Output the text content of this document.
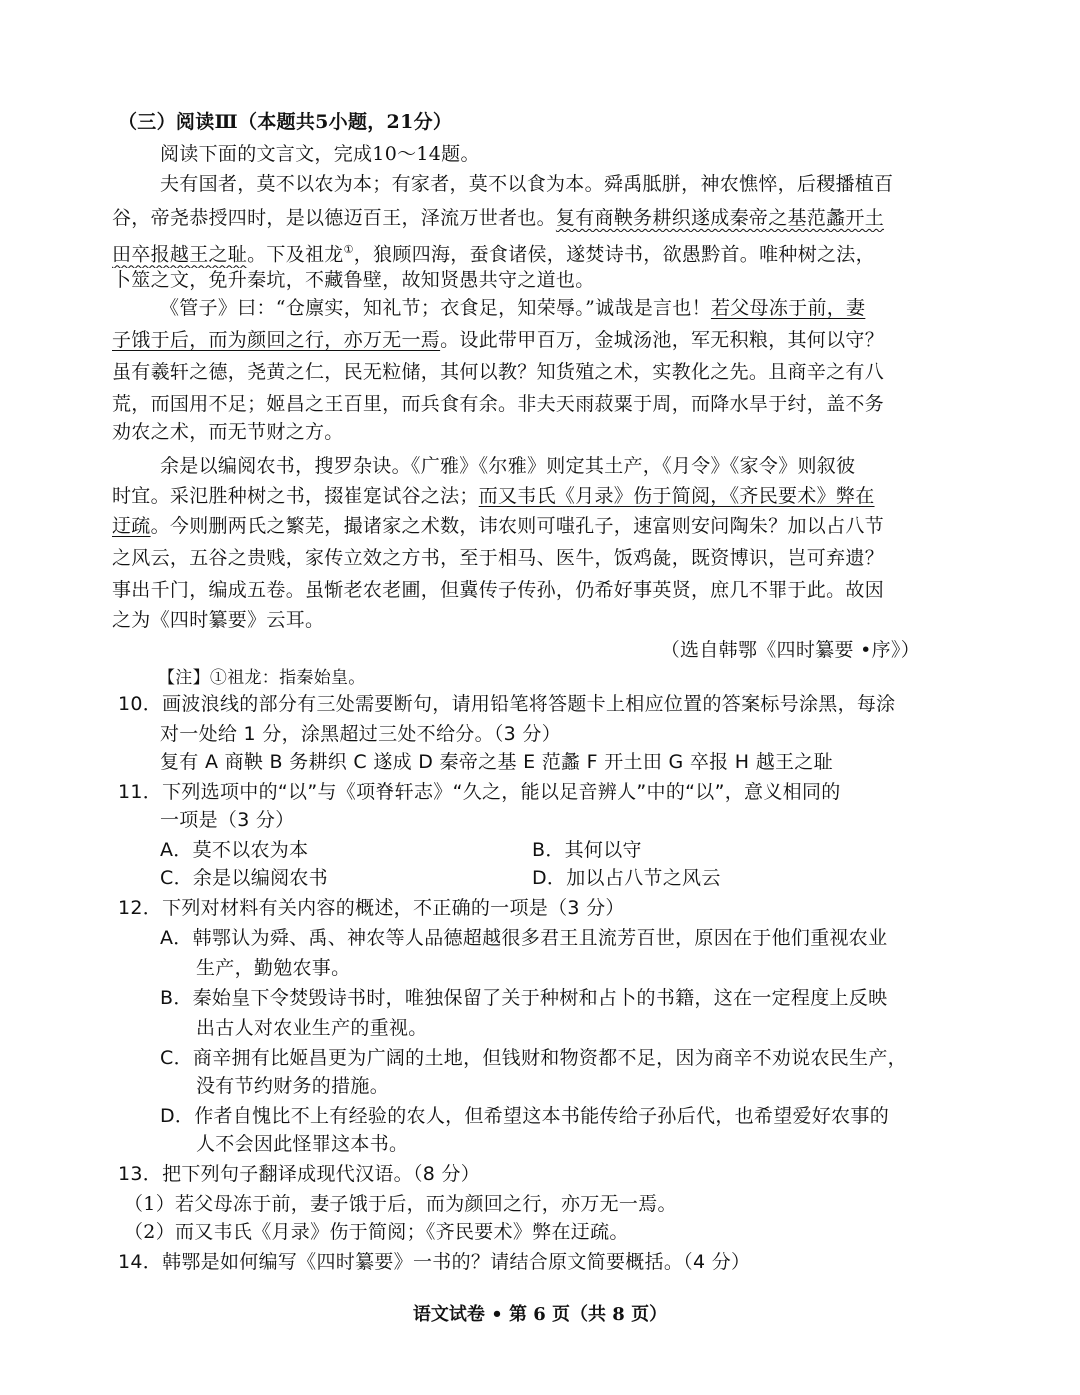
（三）阅读Ⅲ（本题共5小题，21分）
阅读下面的文言文，完成10～14题。
夫有国者，莫不以农为本；有家者，莫不以食为本。舜禹胝胼，神农憔悴，后稷播植百
谷，帝尧恭授四时，是以德迈百王，泽流万世者也。复有商鞅务耕织遂成秦帝之基范蠡开土
田卒报越王之耻。下及祖龙①，狼顾四海，蚕食诸侯，遂焚诗书，欲愚黔首。唯种树之法，
卜筮之文，免升秦坑，不藏鲁壁，故知贤愚共守之道也。
《管子》曰：“仓廪实，知礼节；衣食足，知荣辱。”诚哉是言也！若父母冻于前，妻
子饿于后，而为颜回之行，亦万无一焉。设此带甲百万，金城汤池，军无积粮，其何以守？
虽有羲轩之德，尧黄之仁，民无粒储，其何以教？知货殖之术，实教化之先。且商辛之有八
荒，而国用不足；姬昌之王百里，而兵食有余。非夫天雨菽粟于周，而降水旱于纣，盖不务
劝农之术，而无节财之方。
余是以编阅农书，搜罗杂诀。《广雅》《尔雅》则定其土产，《月令》《家令》则叙彼
时宜。采氾胜种树之书，掇崔寔试谷之法；而又韦氏《月录》伤于简阅，《齐民要术》弊在
迂疏。今则删两氏之繁芜，撮诸家之术数，讳农则可嗤孔子，速富则安问陶朱？加以占八节
之风云，五谷之贵贱，家传立效之方书，至于相马、医牛，饭鸡彘，既资博识，岂可弃遗？
事出千门，编成五卷。虽惭老农老圃，但冀传子传孙，仍希好事英贤，庶几不罪于此。故因
之为《四时纂要》云耳。
（选自韩鄂《四时纂要 •序》）
【注】①祖龙：指秦始皇。
10．画波浪线的部分有三处需要断句，请用铅笔将答题卡上相应位置的答案标号涂黑，每涂
对一处给 1 分，涂黑超过三处不给分。（3 分）
复有 A 商鞅 B 务耕织 C 遂成 D 秦帝之基 E 范蠡 F 开土田 G 卒报 H 越王之耻
11．下列选项中的“以”与《项脊轩志》“久之，能以足音辨人”中的“以”，意义相同的
一项是（3 分）
A．莫不以农为本	B．其何以守
C．余是以编阅农书	D．加以占八节之风云
12．下列对材料有关内容的概述，不正确的一项是（3 分）
A．韩鄂认为舜、禹、神农等人品德超越很多君王且流芳百世，原因在于他们重视农业
生产，勤勉农事。
B．秦始皇下令焚毁诗书时，唯独保留了关于种树和占卜的书籍，这在一定程度上反映
出古人对农业生产的重视。
C．商辛拥有比姬昌更为广阔的土地，但钱财和物资都不足，因为商辛不劝说农民生产，
没有节约财务的措施。
D．作者自愧比不上有经验的农人，但希望这本书能传给子孙后代，也希望爱好农事的
人不会因此怪罪这本书。
13．把下列句子翻译成现代汉语。（8 分）
（1）若父母冻于前，妻子饿于后，而为颜回之行，亦万无一焉。
（2）而又韦氏《月录》伤于简阅；《齐民要术》弊在迂疏。
14．韩鄂是如何编写《四时纂要》一书的？请结合原文简要概括。（4 分）
语文试卷 • 第 6 页（共 8 页）
